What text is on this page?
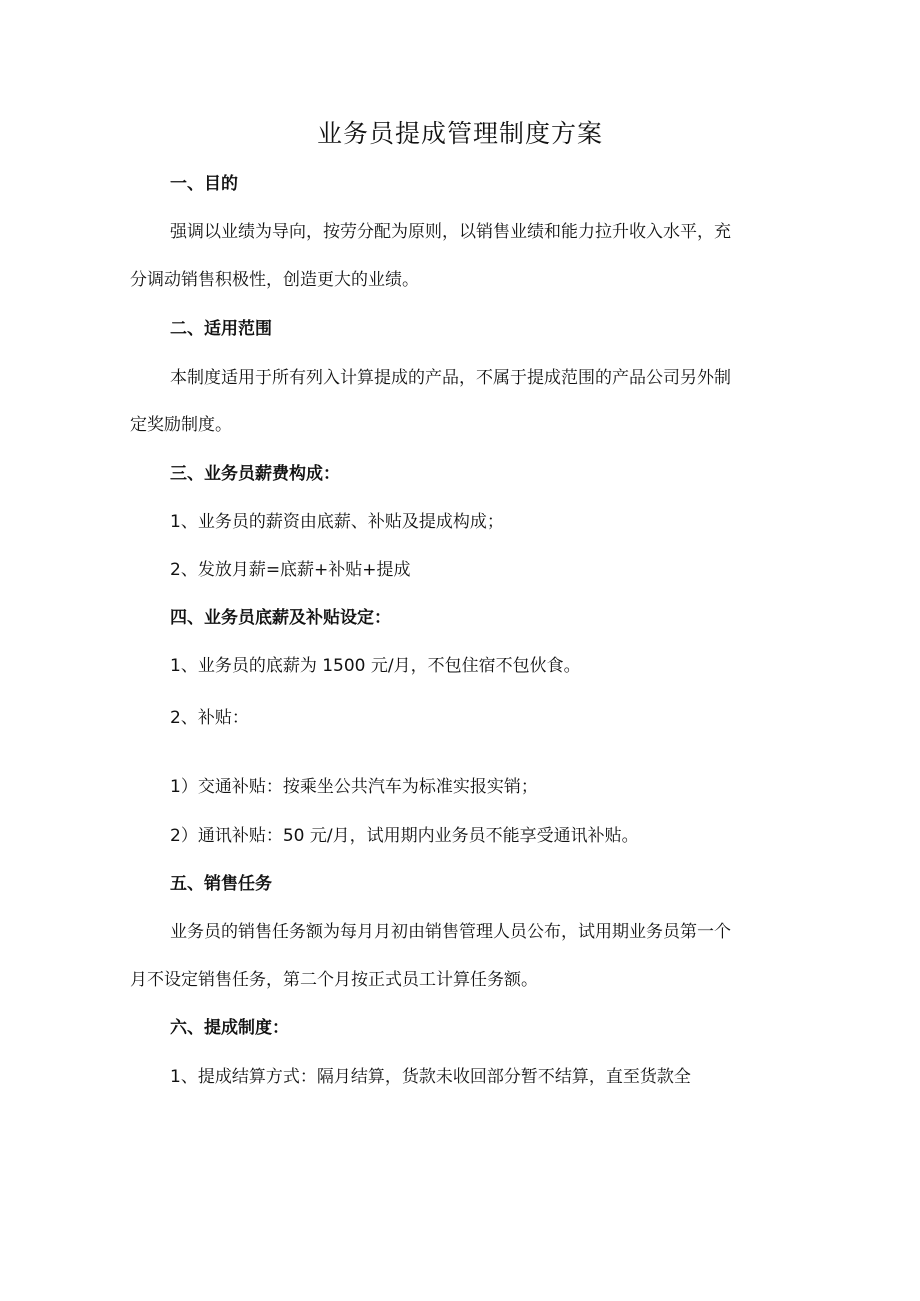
业务员提成管理制度方案

一、目的

强调以业绩为导向，按劳分配为原则，以销售业绩和能力拉升收入水平，充

分调动销售积极性，创造更大的业绩。

二、适用范围

本制度适用于所有列入计算提成的产品，不属于提成范围的产品公司另外制

定奖励制度。

三、业务员薪费构成：

1、业务员的薪资由底薪、补贴及提成构成；

2、发放月薪=底薪+补贴+提成

四、业务员底薪及补贴设定：

1、业务员的底薪为 1500 元/月，不包住宿不包伙食。

2、补贴：

1）交通补贴：按乘坐公共汽车为标准实报实销；

2）通讯补贴：50 元/月，试用期内业务员不能享受通讯补贴。

五、销售任务

业务员的销售任务额为每月月初由销售管理人员公布，试用期业务员第一个

月不设定销售任务，第二个月按正式员工计算任务额。

六、提成制度：

1、提成结算方式：隔月结算，货款未收回部分暂不结算，直至货款全
